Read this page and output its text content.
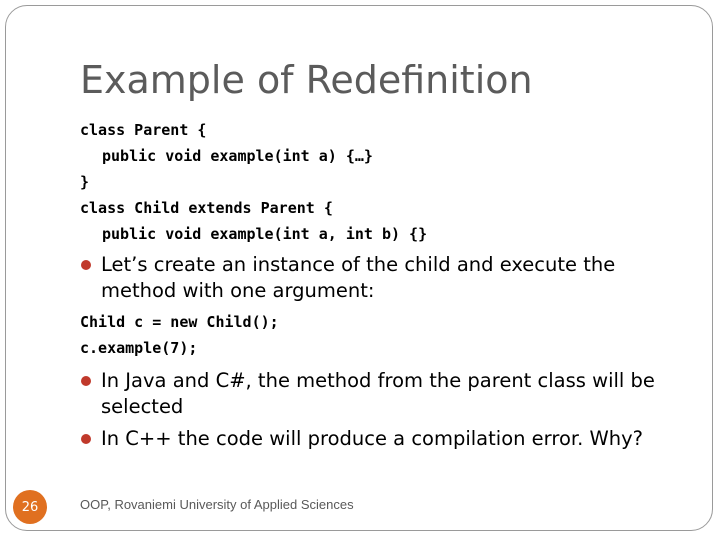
Example of Redefinition
class Parent {
public void example(int a) {…}
}
class Child extends Parent {
public void example(int a, int b) {}
Let’s create an instance of the child and execute the method with one argument:
Child c = new Child();
c.example(7);
In Java and C#, the method from the parent class will be selected
In C++ the code will produce a compilation error. Why?
26	OOP, Rovaniemi University of Applied Sciences
